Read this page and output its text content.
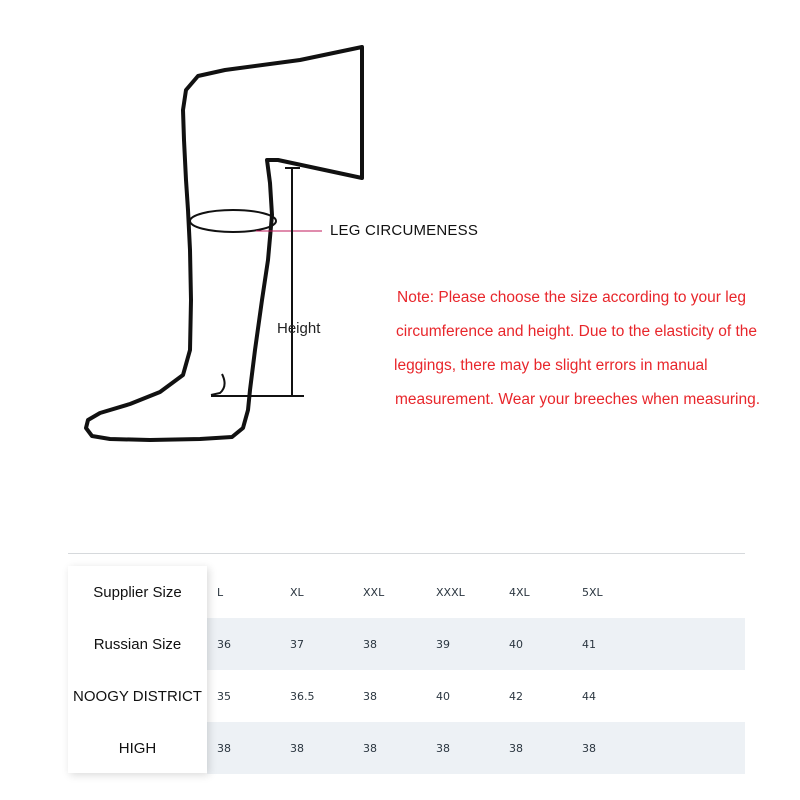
LEG CIRCUMENESS
Height
Note: Please choose the size according to your leg
circumference and height. Due to the elasticity of the
leggings, there may be slight errors in manual
measurement. Wear your breeches when measuring.
Supplier Size	L	XL	XXL	XXXL	4XL	5XL
Russian Size	36	37	38	39	40	41
NOOGY DISTRICT	35	36.5	38	40	42	44
HIGH	38	38	38	38	38	38
